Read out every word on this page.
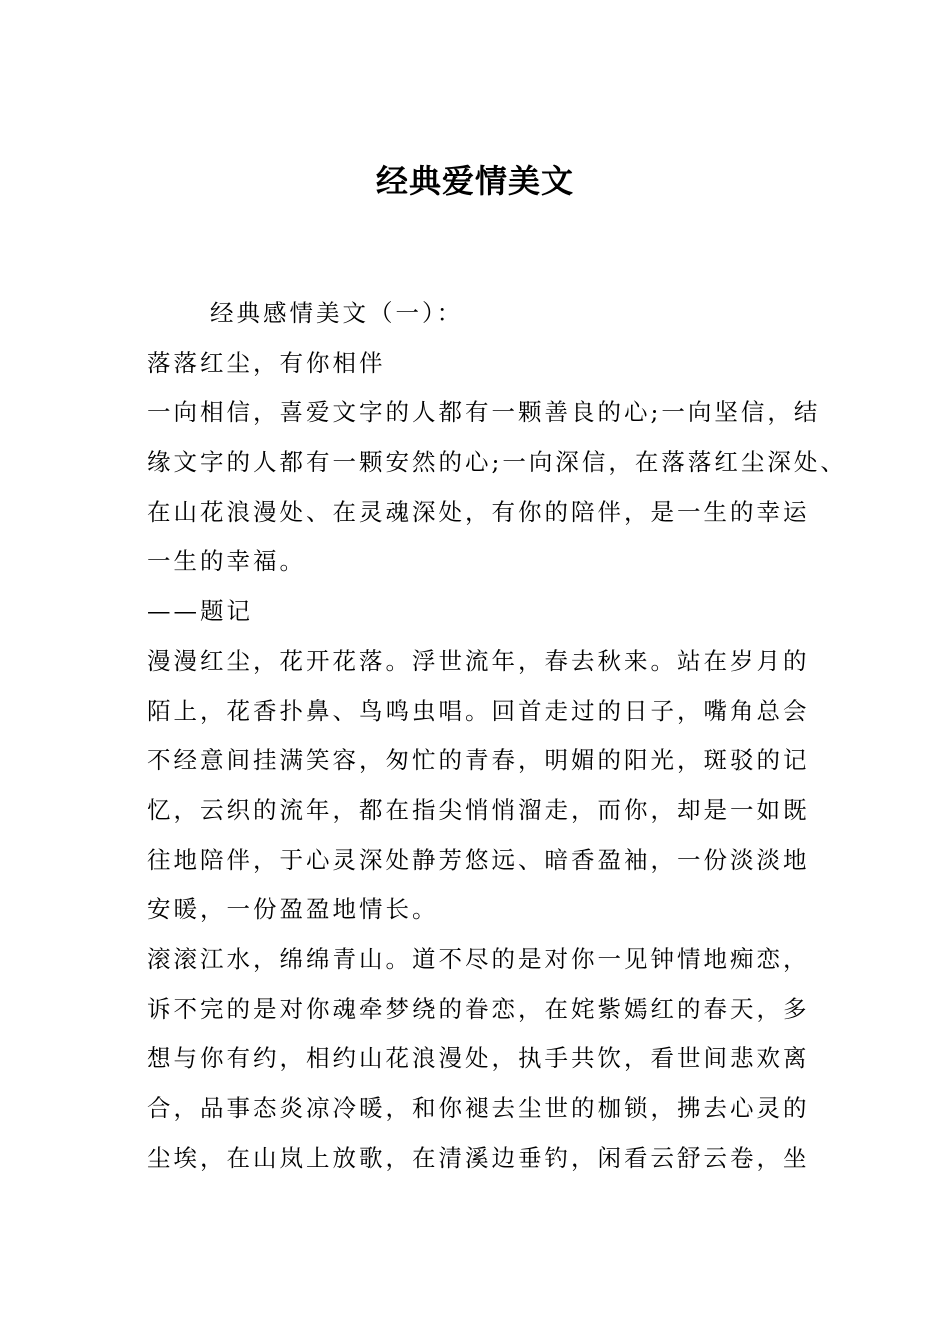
经典爱情美文
经典感情美文（一）：
落落红尘，有你相伴
一向相信，喜爱文字的人都有一颗善良的心;一向坚信，结
缘文字的人都有一颗安然的心;一向深信，在落落红尘深处、
在山花浪漫处、在灵魂深处，有你的陪伴，是一生的幸运
一生的幸福。
——题记
漫漫红尘，花开花落。浮世流年，春去秋来。站在岁月的
陌上，花香扑鼻、鸟鸣虫唱。回首走过的日子，嘴角总会
不经意间挂满笑容，匆忙的青春，明媚的阳光，斑驳的记
忆，云织的流年，都在指尖悄悄溜走，而你，却是一如既
往地陪伴，于心灵深处静芳悠远、暗香盈袖，一份淡淡地
安暖，一份盈盈地情长。
滚滚江水，绵绵青山。道不尽的是对你一见钟情地痴恋，
诉不完的是对你魂牵梦绕的眷恋，在姹紫嫣红的春天，多
想与你有约，相约山花浪漫处，执手共饮，看世间悲欢离
合，品事态炎凉冷暖，和你褪去尘世的枷锁，拂去心灵的
尘埃，在山岚上放歌，在清溪边垂钓，闲看云舒云卷，坐
